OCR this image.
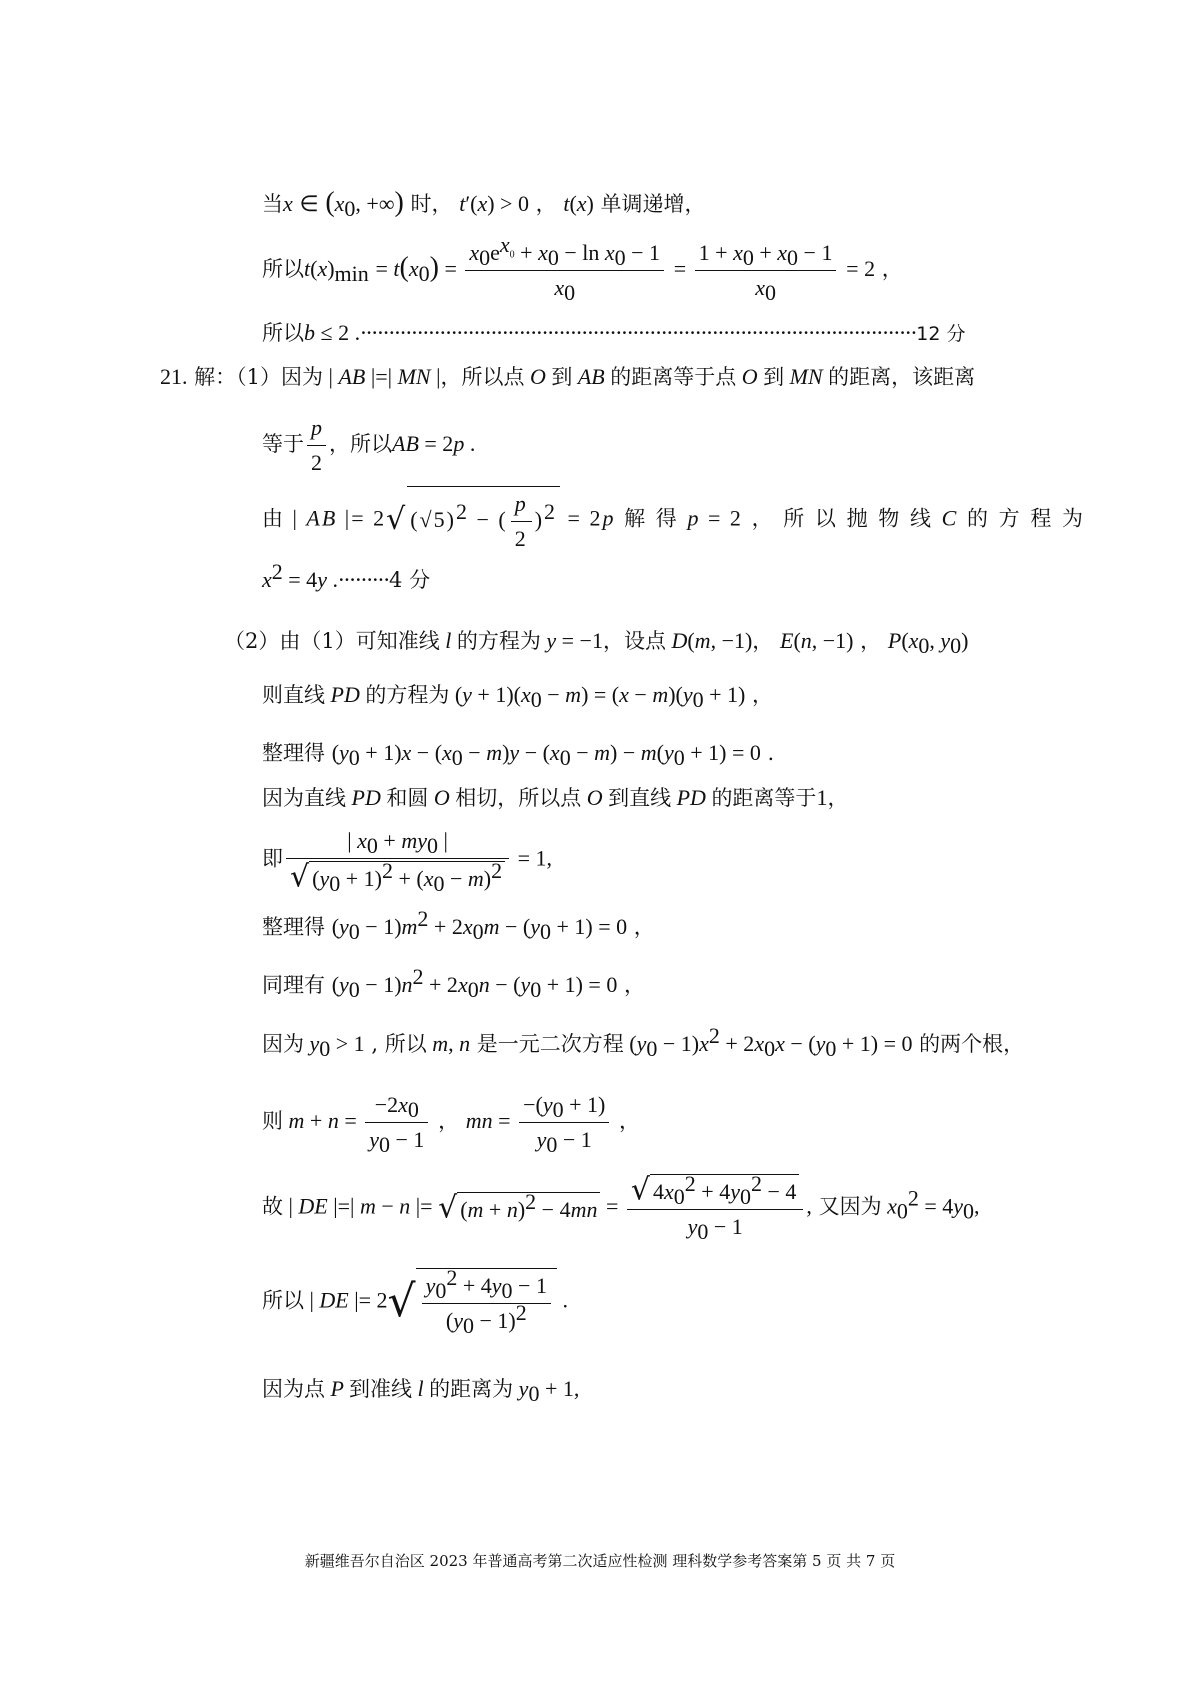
当x ∈ ($x_0$, +∞) 时， t′(x) > 0 ， t(x) 单调递增，
所以$t(x)_{min} = t(x_0) = \frac{x_0e^{x_0} + x_0 - \ln x_0 - 1}{x_0} = \frac{1 + x_0 + x_0 - 1}{x_0} = 2$ ，
所以b ≤ 2 .··································································································12 分
21. 解：（1）因为 | AB |=| MN |，所以点 O 到 AB 的距离等于点 O 到 MN 的距离，该距离
等于 $\frac{p}{2}$ ，所以AB = 2p .
由 | AB |= 2√ $(√5)^2$ − ( $\frac{p}{2} )^2 = 2p$ 解 得 p = 2 ， 所 以 抛 物 线 C 的 方 程 为
$x^2 = 4y$ .·········4 分
（2）由（1）可知准线 l 的方程为 y = −1，设点 D(m, −1)， E(n, −1) ， $P(x_0$, $y_0$)
则直线 PD 的方程为 $(y + 1)(x_0 - m) = (x - m)(y_0 + 1)$ ，
整理得 $(y_0 + 1)x - (x_0 - m)y - (x_0 - m) - m(y_0 + 1) = 0$ .
因为直线 PD 和圆 O 相切，所以点 O 到直线 PD 的距离等于1，
即 $\frac{| x_0 + my_0 |}{√ (y_0 + 1)^2 + (x_0 - m)^2} = 1$,
整理得 $(y_0 - 1)m^2 + 2x_0m - (y_0 + 1) = 0$ ，
同理有 $(y_0 - 1)n^2 + 2x_0n - (y_0 + 1) = 0$ ，
因为 $y_0 > 1$ , 所以 m, n 是一元二次方程 $(y_0 - 1)x^2 + 2x_0x - (y_0 + 1) = 0$ 的两个根，
则 $m + n = \frac{-2x_0}{y_0 - 1}$ ， mn = $\frac{-(y_0 + 1)}{y_0 - 1}$ ，
故 | DE |=| m − n |= √ $(m + n)^2 - 4mn = \frac{√ 4x_0^2 + 4y_0^2 - 4}{y_0 - 1}$ , 又因为 $x_0^2 = 4y_0$,
所以 | DE |= $2√ \frac{y_0^2 + 4y_0 - 1}{(y_0 - 1)^2}$ .
因为点 P 到准线 l 的距离为 $y_0 + 1$,
新疆维吾尔自治区 2023 年普通高考第二次适应性检测 理科数学参考答案第 5 页 共 7 页
